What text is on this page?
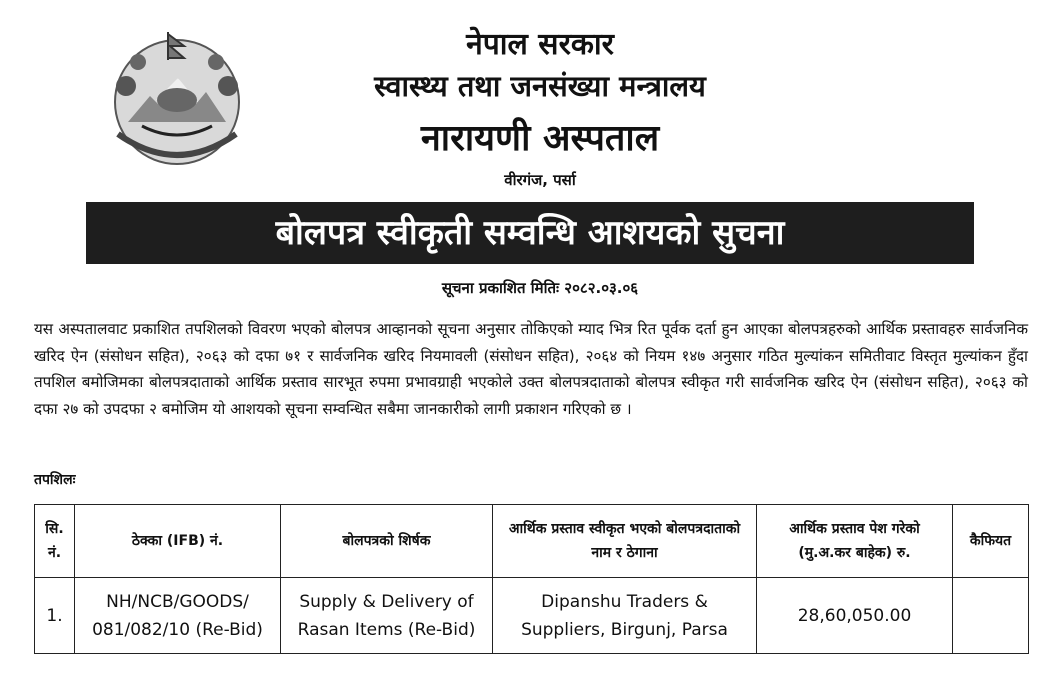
नेपाल सरकार
स्वास्थ्य तथा जनसंख्या मन्त्रालय
नारायणी अस्पताल
वीरगंज, पर्सा
बोलपत्र स्वीकृती सम्वन्धि आशयको सुचना
सूचना प्रकाशित मितिः २०८२.०३.०६
यस अस्पतालवाट प्रकाशित तपशिलको विवरण भएको बोलपत्र आव्हानको सूचना अनुसार तोकिएको म्याद भित्र रित पूर्वक दर्ता हुन आएका बोलपत्रहरुको आर्थिक प्रस्तावहरु सार्वजनिक खरिद ऐन (संसोधन सहित), २०६३ को दफा ७१ र सार्वजनिक खरिद नियमावली (संसोधन सहित), २०६४ को नियम १४७ अनुसार गठित मुल्यांकन समितीवाट विस्तृत मुल्यांकन हुँदा तपशिल बमोजिमका बोलपत्रदाताको आर्थिक प्रस्ताव सारभूत रुपमा प्रभावग्राही भएकोले उक्त बोलपत्रदाताको बोलपत्र स्वीकृत गरी सार्वजनिक खरिद ऐन (संसोधन सहित), २०६३ को दफा २७ को उपदफा २ बमोजिम यो आशयको सूचना सम्वन्धित सबैमा जानकारीको लागी प्रकाशन गरिएको छ ।
तपशिलः
सि. नं.	ठेक्का (IFB) नं.	बोलपत्रको शिर्षक	आर्थिक प्रस्ताव स्वीकृत भएको बोलपत्रदाताको नाम र ठेगाना	आर्थिक प्रस्ताव पेश गरेको (मु.अ.कर बाहेक) रु.	कैफियत
1.	NH/NCB/GOODS/ 081/082/10 (Re-Bid)	Supply & Delivery of Rasan Items (Re-Bid)	Dipanshu Traders & Suppliers, Birgunj, Parsa	28,60,050.00	
